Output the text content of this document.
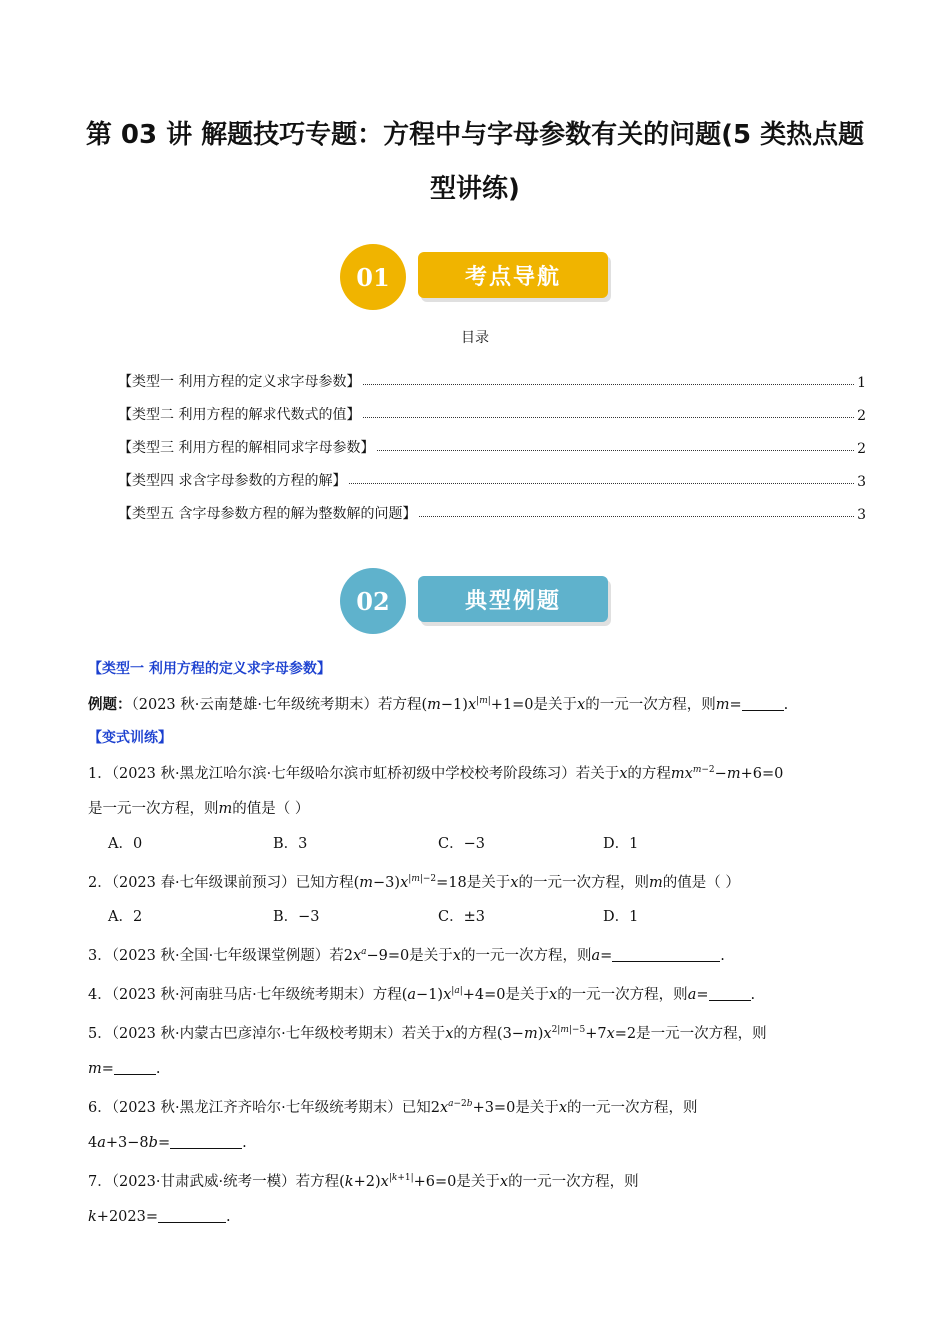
第 03 讲 解题技巧专题：方程中与字母参数有关的问题(5 类热点题型讲练)
01	考点导航
目录
【类型一 利用方程的定义求字母参数】	1
【类型二 利用方程的解求代数式的值】	2
【类型三 利用方程的解相同求字母参数】	2
【类型四 求含字母参数的方程的解】	3
【类型五 含字母参数方程的解为整数解的问题】	3
02	典型例题
【类型一 利用方程的定义求字母参数】
例题：（2023 秋·云南楚雄·七年级统考期末）若方程$(m-1)x^{|m|}+1=0$是关于x的一元一次方程，则m=	.
【变式训练】
1．（2023 秋·黑龙江哈尔滨·七年级哈尔滨市虹桥初级中学校校考阶段练习）若关于x的方程$mx^{m-2}-m+6=0$
是一元一次方程，则m的值是（ ）
A．0	B．3	C．−3	D．1
2．（2023 春·七年级课前预习）已知方程$(m-3)x^{|m|-2}=18$是关于x的一元一次方程，则m的值是（ ）
A．2	B．−3	C．±3	D．1
3．（2023 秋·全国·七年级课堂例题）若$2x^a-9=0$是关于x的一元一次方程，则a=	.
4．（2023 秋·河南驻马店·七年级统考期末）方程$(a-1)x^{|a|}+4=0$是关于x的一元一次方程，则a=	.
5．（2023 秋·内蒙古巴彦淖尔·七年级校考期末）若关于x的方程$(3-m)x^{2|m|-5}+7x=2$是一元一次方程，则
m=	.
6．（2023 秋·黑龙江齐齐哈尔·七年级统考期末）已知$2x^{a-2b}+3=0$是关于x的一元一次方程，则
4a+3−8b=	.
7．（2023·甘肃武威·统考一模）若方程$(k+2)x^{|k+1|}+6=0$是关于x的一元一次方程，则
k+2023=	.
